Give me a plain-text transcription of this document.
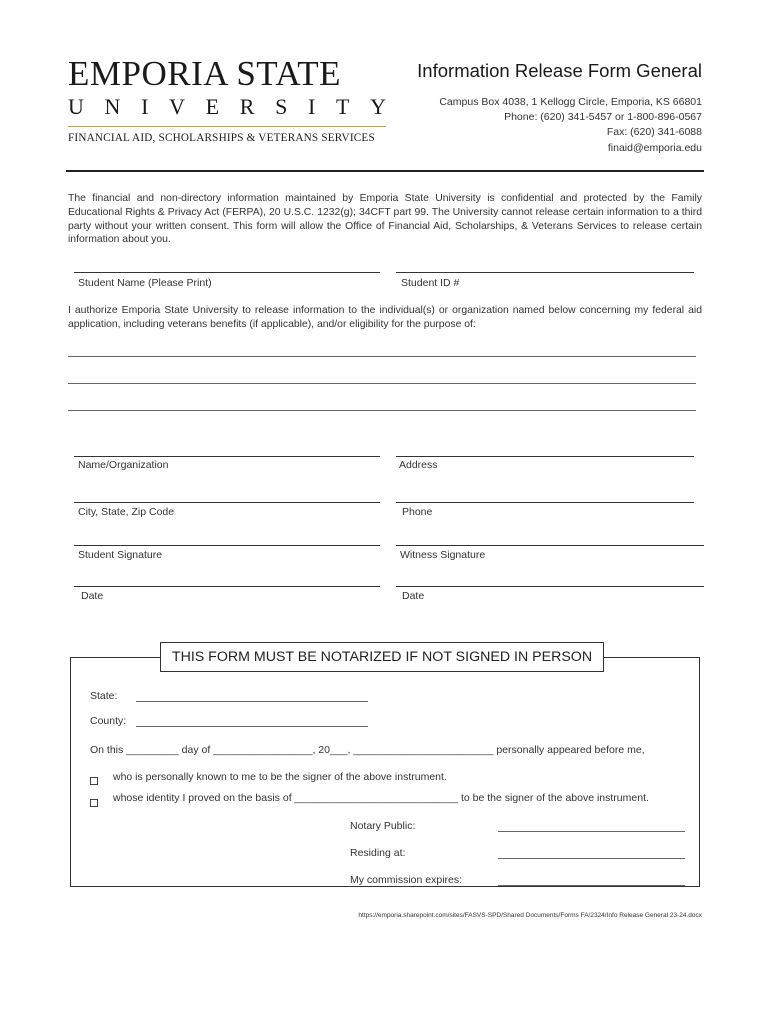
EMPORIA STATE
U N I V E R S I T Y
FINANCIAL AID, SCHOLARSHIPS & VETERANS SERVICES
Information Release Form General
Campus Box 4038, 1 Kellogg Circle, Emporia, KS 66801
Phone: (620) 341-5457 or 1-800-896-0567
Fax: (620) 341-6088
finaid@emporia.edu
The financial and non-directory information maintained by Emporia State University is confidential and protected by the Family Educational Rights & Privacy Act (FERPA), 20 U.S.C. 1232(g); 34CFT part 99. The University cannot release certain information to a third party without your written consent. This form will allow the Office of Financial Aid, Scholarships, & Veterans Services to release certain information about you.
Student Name (Please Print)	Student ID #
I authorize Emporia State University to release information to the individual(s) or organization named below concerning my federal aid application, including veterans benefits (if applicable), and/or eligibility for the purpose of:
Name/Organization	Address
City, State, Zip Code	Phone
Student Signature	Witness Signature
Date	Date
THIS FORM MUST BE NOTARIZED IF NOT SIGNED IN PERSON
State:
County:
On this _________ day of _________________, 20___, ________________________ personally appeared before me,
who is personally known to me to be the signer of the above instrument.
whose identity I proved on the basis of ____________________________ to be the signer of the above instrument.
Notary Public:
Residing at:
My commission expires:
https://emporia.sharepoint.com/sites/FASVS-SPD/Shared Documents/Forms FA/2324/Info Release General 23-24.docx
